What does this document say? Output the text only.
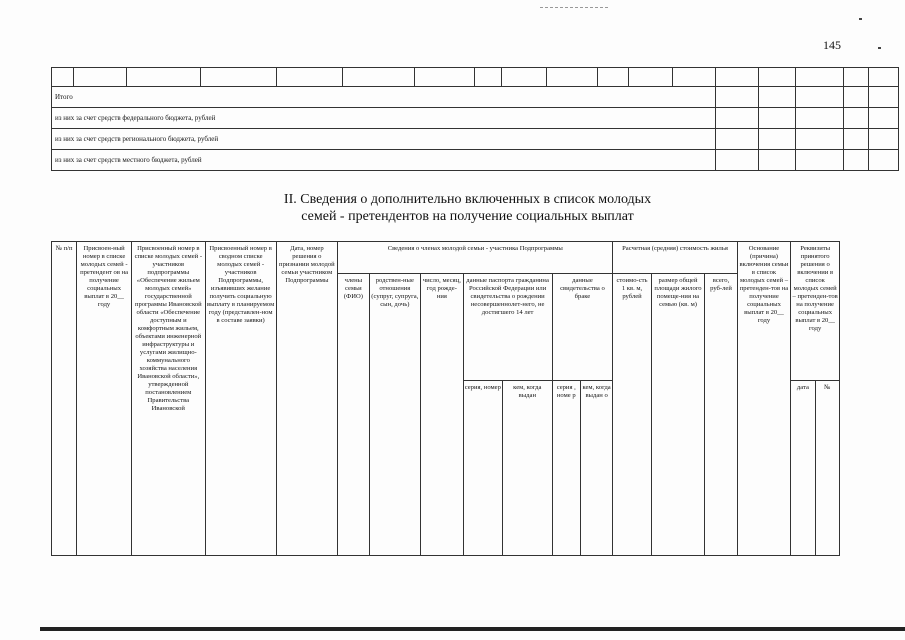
145

Итого																	
из них за счет средств федерального бюджета, рублей																	
из них за счет средств регионального бюджета, рублей																	
из них за счет средств местного бюджета, рублей																	
II. Сведения о дополнительно включенных в список молодых
семей - претендентов на получение социальных выплат
№ п/п	Присвоен-ный номер в списке молодых семей - претендент ов на получение социальных выплат в 20__ году	Присвоенный номер в списке молодых семей - участников подпрограммы «Обеспечение жильем молодых семей» государственной программы Ивановской области «Обеспечение доступным и комфортным жильем, объектами инженерной инфраструктуры и услугами жилищно-коммунального хозяйства населения Ивановской области», утвержденной постановлением Правительства Ивановской	Присвоенный номер в сводном списке молодых семей - участников Подпрограммы, изъявивших желание получить социальную выплату в планируемом году (представлен-ном в составе заявки)	Дата, номер решения о признании молодой семьи участником Подпрограммы	Сведения о членах молодой семьи - участника Подпрограммы							Расчетная (средняя) стоимость жилья			Основание (причина) включения семьи в список молодых семей – претенден-тов на получение социальных выплат в 20__ году	Реквизиты принятого решения о включении в список молодых семей – претенден-тов на получение социальных выплат в 20__ году	
					члены семьи (ФИО)	родствен-ные отношения (супруг, супруга, сын, дочь)	число, месяц, год рожде-ния	данные паспорта гражданина Российской Федерации или свидетельства о рождении несовершеннолет-него, не достигшего 14 лет		данные свидетельства о браке		стоимо-сть 1 кв. м, рублей	размер общей площади жилого помеще-ния на семью (кв. м)	всего, руб-лей			
								серия, номер	кем, когда выдан	серия , номе р	кем, когда выдан о					дата	№
